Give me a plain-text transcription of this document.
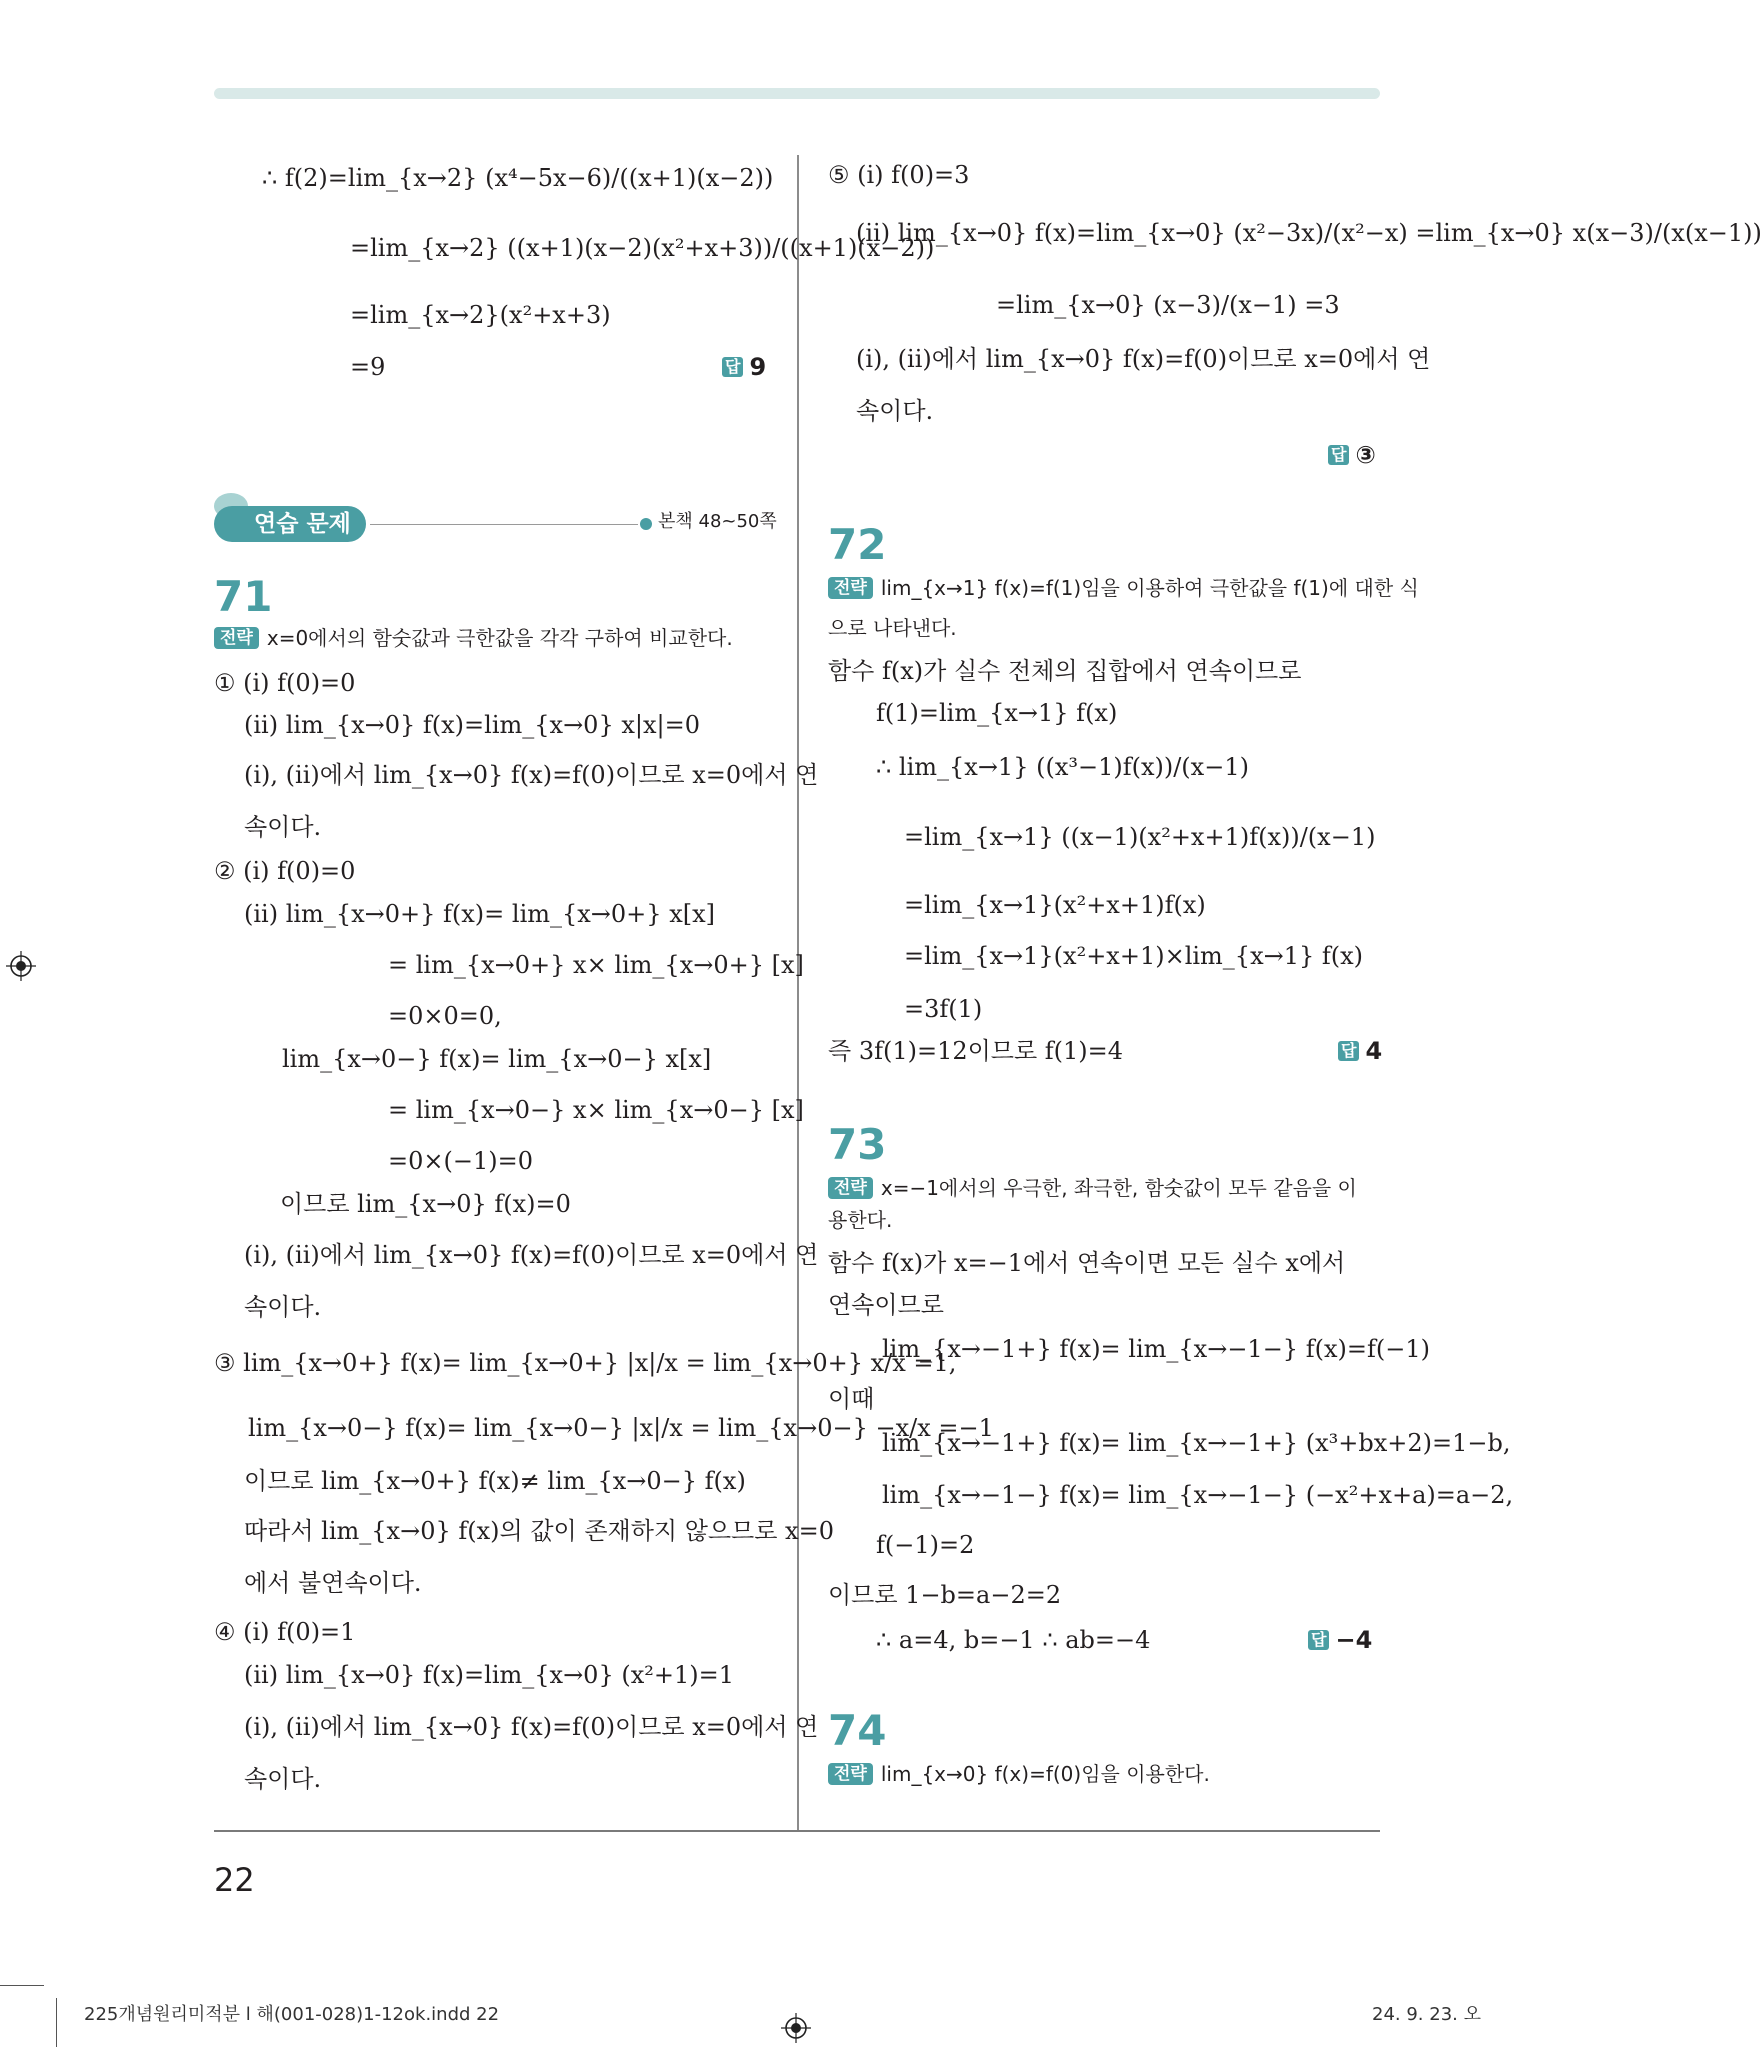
∴ f(2)=lim_{x→2} (x⁴−5x−6)/((x+1)(x−2))
=lim_{x→2} ((x+1)(x−2)(x²+x+3))/((x+1)(x−2))
=lim_{x→2}(x²+x+3)
=9	답 9
연습 문제	본책 48~50쪽
71
전략 x=0에서의 함숫값과 극한값을 각각 구하여 비교한다.
① (i) f(0)=0
(ii) lim_{x→0} f(x)=lim_{x→0} x|x|=0
(i), (ii)에서 lim_{x→0} f(x)=f(0)이므로 x=0에서 연
속이다.
② (i) f(0)=0
(ii) lim_{x→0+} f(x)= lim_{x→0+} x[x]
= lim_{x→0+} x× lim_{x→0+} [x]
=0×0=0,
lim_{x→0−} f(x)= lim_{x→0−} x[x]
= lim_{x→0−} x× lim_{x→0−} [x]
=0×(−1)=0
이므로 lim_{x→0} f(x)=0
(i), (ii)에서 lim_{x→0} f(x)=f(0)이므로 x=0에서 연
속이다.
③ lim_{x→0+} f(x)= lim_{x→0+} |x|/x = lim_{x→0+} x/x =1,
lim_{x→0−} f(x)= lim_{x→0−} |x|/x = lim_{x→0−} −x/x =−1
이므로 lim_{x→0+} f(x)≠ lim_{x→0−} f(x)
따라서 lim_{x→0} f(x)의 값이 존재하지 않으므로 x=0
에서 불연속이다.
④ (i) f(0)=1
(ii) lim_{x→0} f(x)=lim_{x→0} (x²+1)=1
(i), (ii)에서 lim_{x→0} f(x)=f(0)이므로 x=0에서 연
속이다.
⑤ (i) f(0)=3
(ii) lim_{x→0} f(x)=lim_{x→0} (x²−3x)/(x²−x) =lim_{x→0} x(x−3)/(x(x−1))
=lim_{x→0} (x−3)/(x−1) =3
(i), (ii)에서 lim_{x→0} f(x)=f(0)이므로 x=0에서 연
속이다.
답 ③
72
전략 lim_{x→1} f(x)=f(1)임을 이용하여 극한값을 f(1)에 대한 식
으로 나타낸다.
함수 f(x)가 실수 전체의 집합에서 연속이므로
f(1)=lim_{x→1} f(x)
∴ lim_{x→1} ((x³−1)f(x))/(x−1)
=lim_{x→1} ((x−1)(x²+x+1)f(x))/(x−1)
=lim_{x→1}(x²+x+1)f(x)
=lim_{x→1}(x²+x+1)×lim_{x→1} f(x)
=3f(1)
즉 3f(1)=12이므로 f(1)=4	답 4
73
전략 x=−1에서의 우극한, 좌극한, 함숫값이 모두 같음을 이
용한다.
함수 f(x)가 x=−1에서 연속이면 모든 실수 x에서
연속이므로
lim_{x→−1+} f(x)= lim_{x→−1−} f(x)=f(−1)
이때
lim_{x→−1+} f(x)= lim_{x→−1+} (x³+bx+2)=1−b,
lim_{x→−1−} f(x)= lim_{x→−1−} (−x²+x+a)=a−2,
f(−1)=2
이므로 1−b=a−2=2
∴ a=4, b=−1 ∴ ab=−4	답 −4
74
전략 lim_{x→0} f(x)=f(0)임을 이용한다.
22
225개념원리미적분 l 해(001-028)1-12ok.indd 22	24. 9. 23. 오
